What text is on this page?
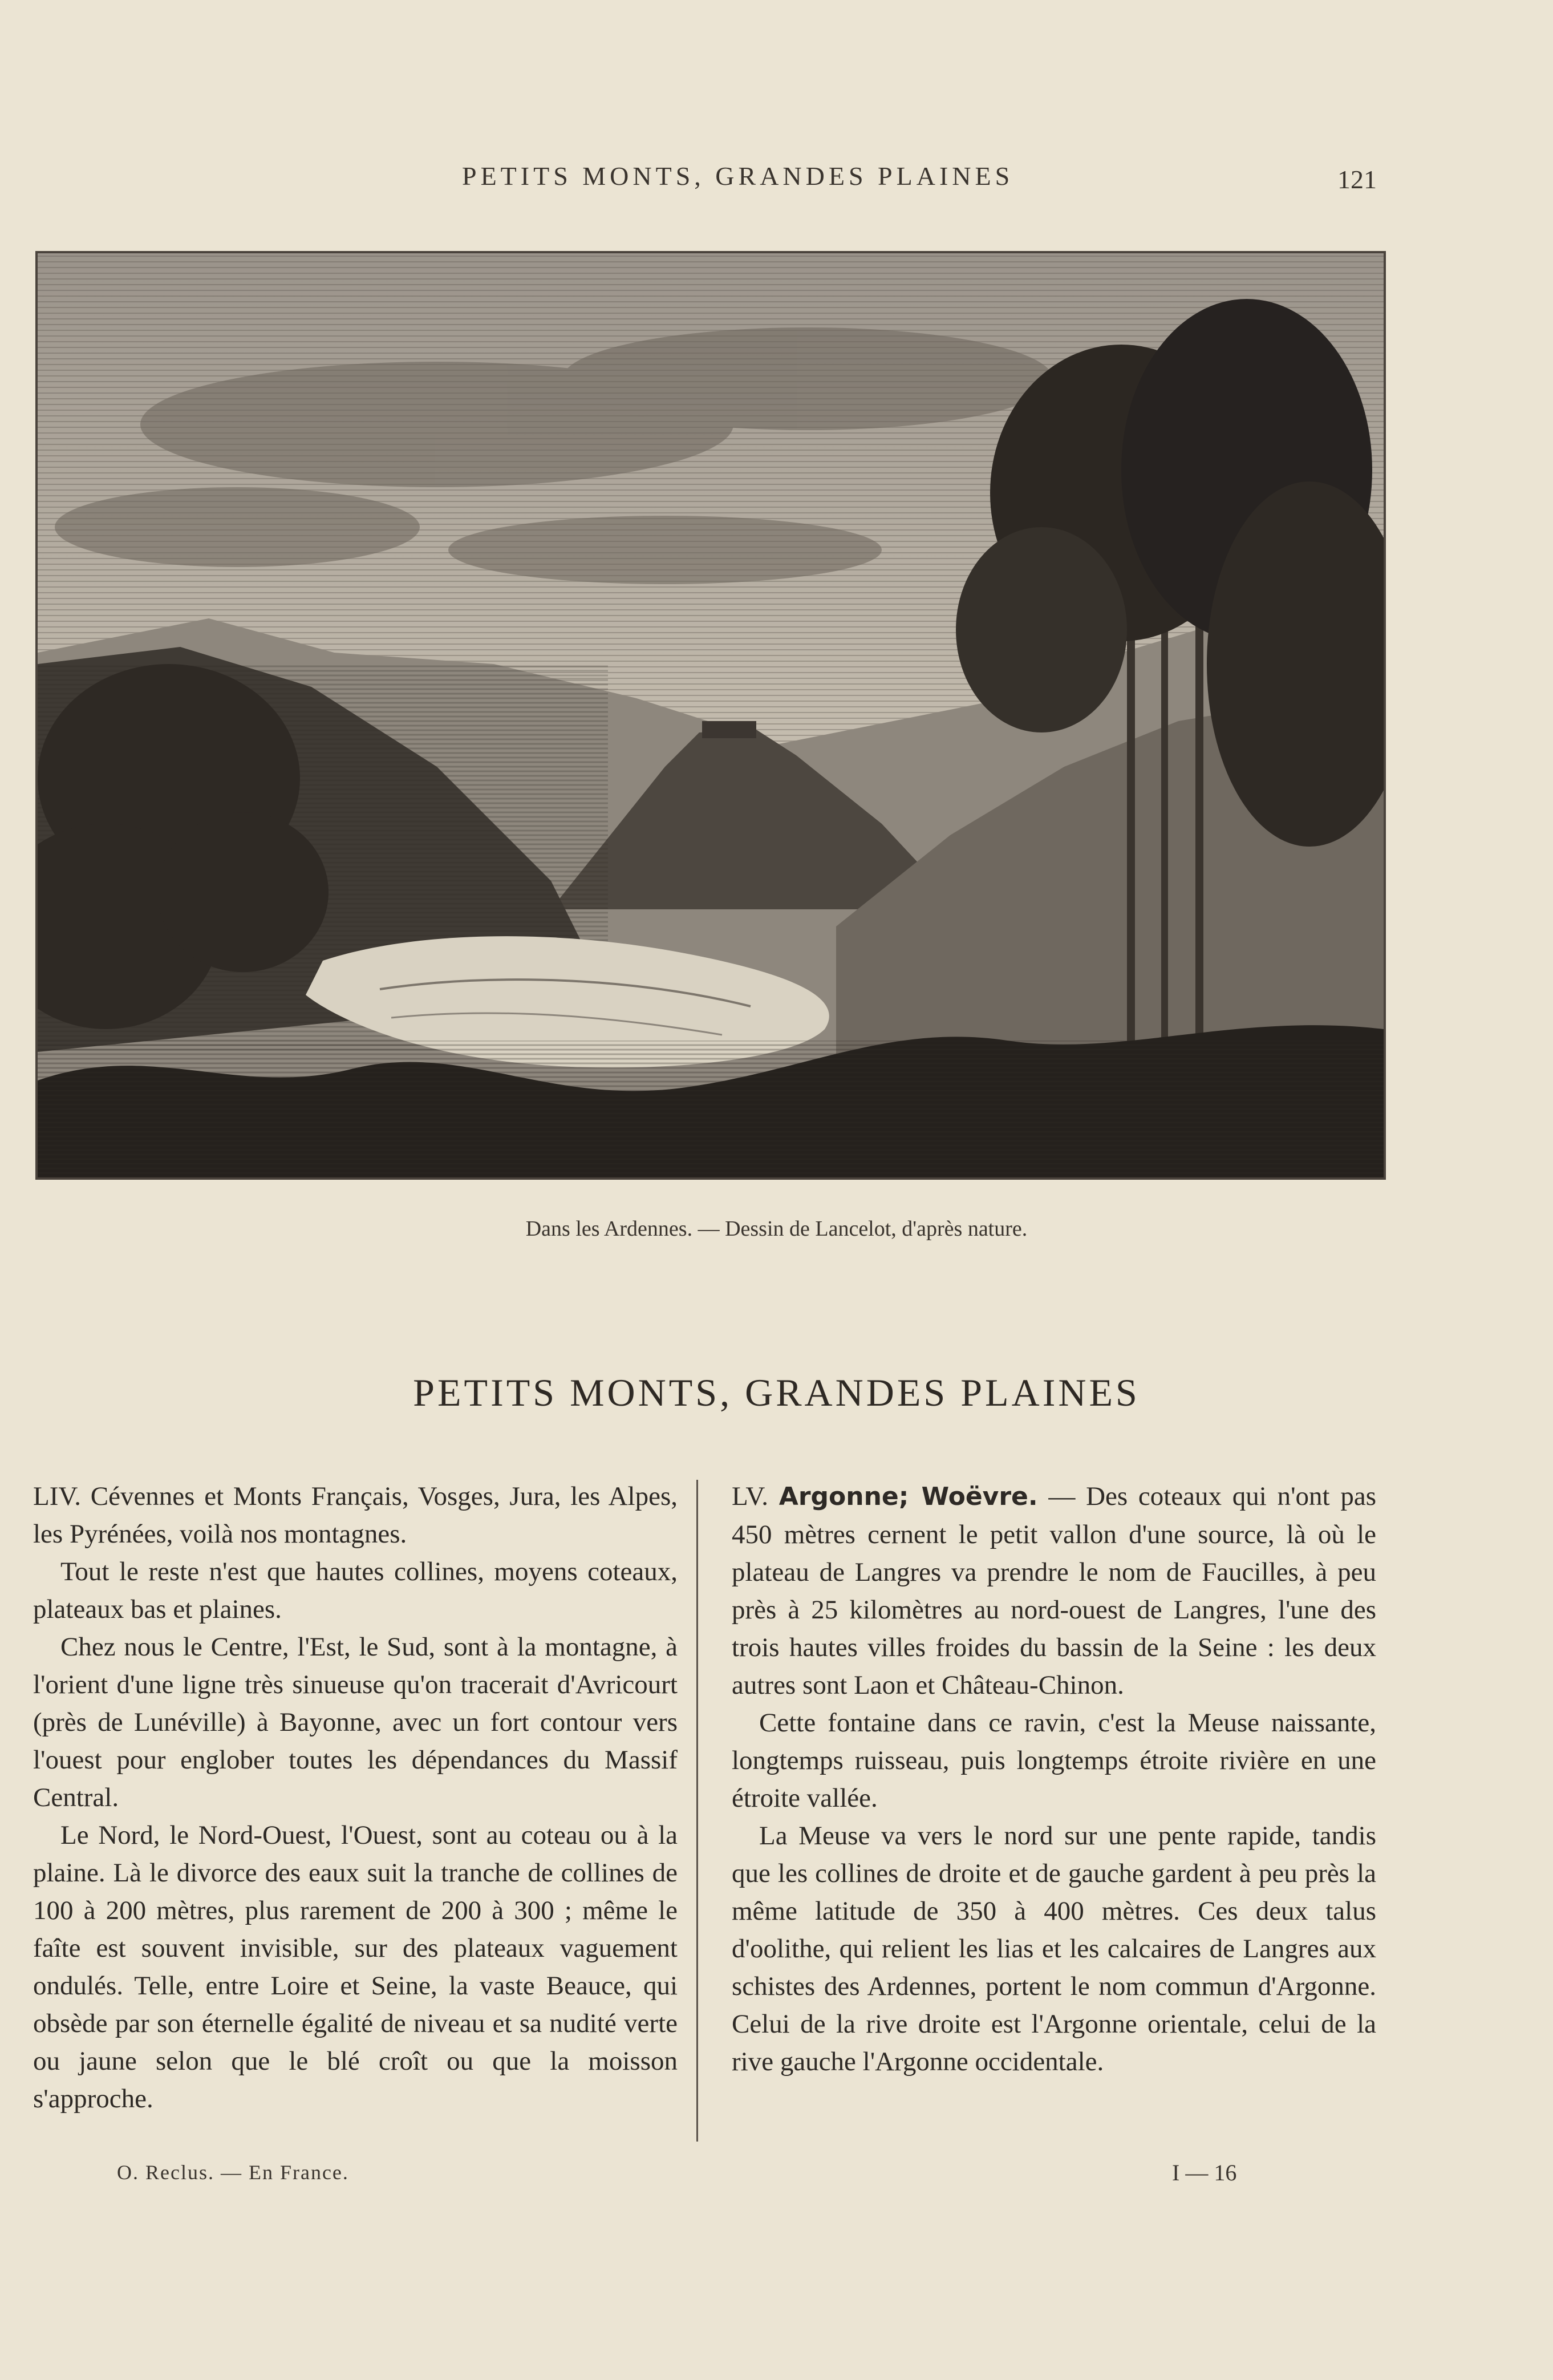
PETITS MONTS, GRANDES PLAINES	121
Dans les Ardennes. — Dessin de Lancelot, d'après nature.
PETITS MONTS, GRANDES PLAINES

LIV. Cévennes et Monts Français, Vosges, Jura, les Alpes, les Pyrénées, voilà nos montagnes.

Tout le reste n'est que hautes collines, moyens coteaux, plateaux bas et plaines.

Chez nous le Centre, l'Est, le Sud, sont à la montagne, à l'orient d'une ligne très sinueuse qu'on tracerait d'Avricourt (près de Lunéville) à Bayonne, avec un fort contour vers l'ouest pour englober toutes les dépendances du Massif Central.

Le Nord, le Nord-Ouest, l'Ouest, sont au coteau ou à la plaine. Là le divorce des eaux suit la tranche de collines de 100 à 200 mètres, plus rarement de 200 à 300 ; même le faîte est souvent invisible, sur des plateaux vaguement ondulés. Telle, entre Loire et Seine, la vaste Beauce, qui obsède par son éternelle égalité de niveau et sa nudité verte ou jaune selon que le blé croît ou que la moisson s'approche.

LV. Argonne; Woëvre. — Des coteaux qui n'ont pas 450 mètres cernent le petit vallon d'une source, là où le plateau de Langres va prendre le nom de Faucilles, à peu près à 25 kilomètres au nord-ouest de Langres, l'une des trois hautes villes froides du bassin de la Seine : les deux autres sont Laon et Château-Chinon.

Cette fontaine dans ce ravin, c'est la Meuse naissante, longtemps ruisseau, puis longtemps étroite rivière en une étroite vallée.

La Meuse va vers le nord sur une pente rapide, tandis que les collines de droite et de gauche gardent à peu près la même latitude de 350 à 400 mètres. Ces deux talus d'oolithe, qui relient les lias et les calcaires de Langres aux schistes des Ardennes, portent le nom commun d'Argonne. Celui de la rive droite est l'Argonne orientale, celui de la rive gauche l'Argonne occidentale.

O. Reclus. — En France.	I — 16
